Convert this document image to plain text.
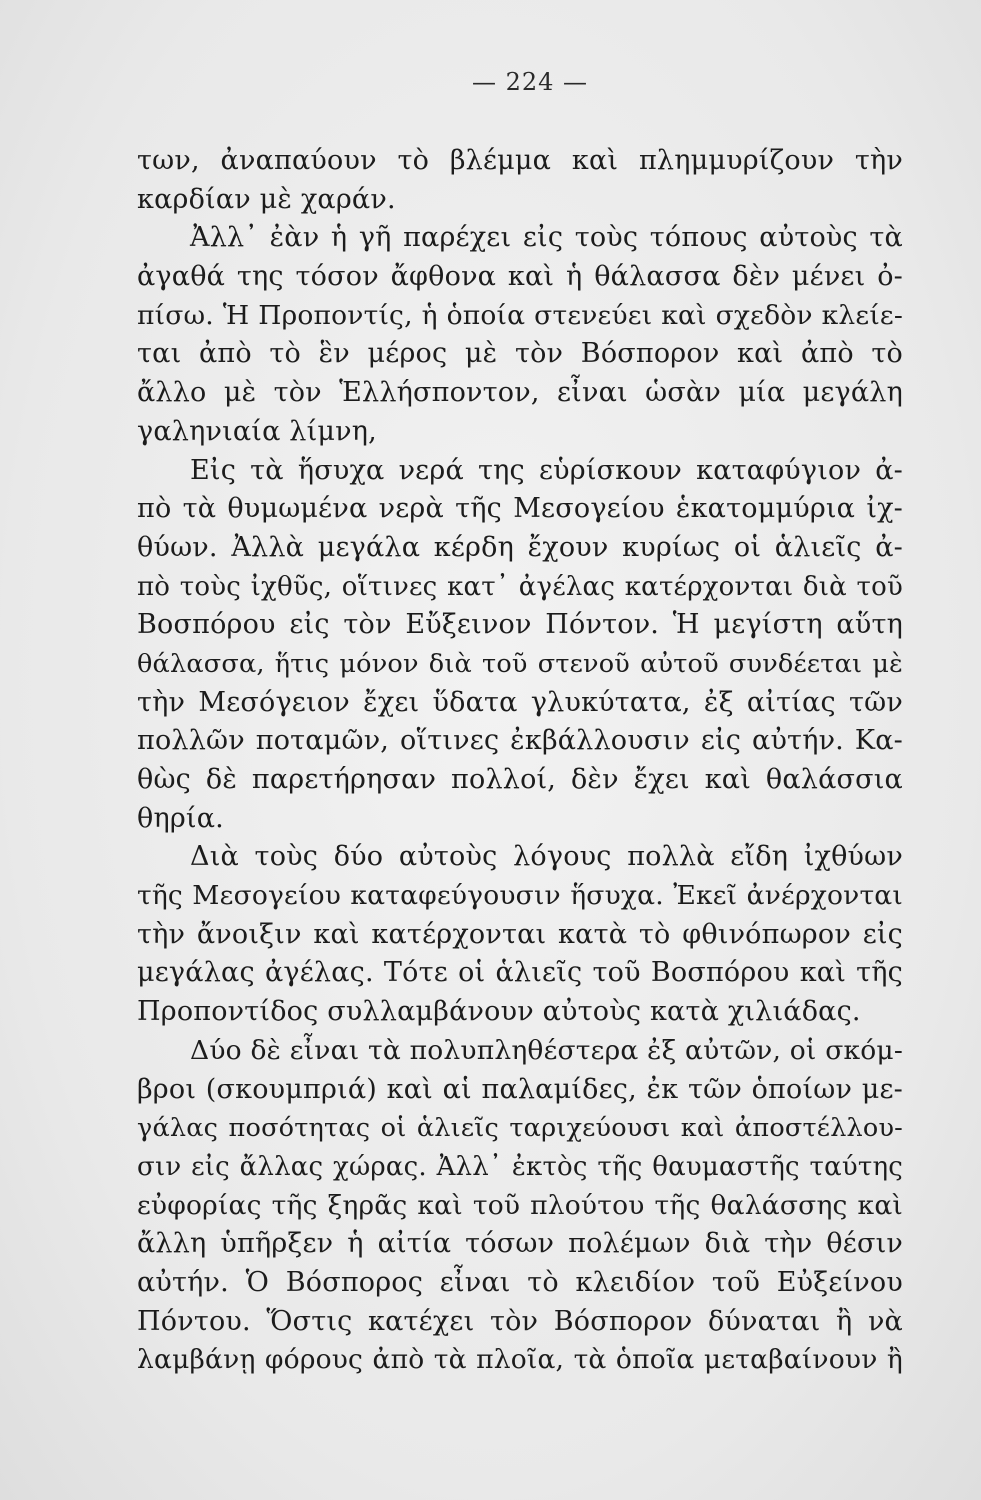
— 224 —
των, ἀναπαύουν τὸ βλέμμα καὶ πλημμυρίζουν τὴν
καρδίαν μὲ χαράν.
Ἀλλ᾽ ἐὰν ἡ γῆ παρέχει εἰς τοὺς τόπους αὐτοὺς τὰ
ἀγαθά της τόσον ἄφθονα καὶ ἡ θάλασσα δὲν μένει ὀ-
πίσω. Ἡ Προποντίς, ἡ ὁποία στενεύει καὶ σχεδὸν κλείε-
ται ἀπὸ τὸ ἓν μέρος μὲ τὸν Βόσπορον καὶ ἀπὸ τὸ
ἄλλο μὲ τὸν Ἑλλήσποντον, εἶναι ὡσὰν μία μεγάλη
γαληνιαία λίμνη,
Εἰς τὰ ἥσυχα νερά της εὑρίσκουν καταφύγιον ἀ-
πὸ τὰ θυμωμένα νερὰ τῆς Μεσογείου ἑκατομμύρια ἰχ-
θύων. Ἀλλὰ μεγάλα κέρδη ἔχουν κυρίως οἱ ἁλιεῖς ἀ-
πὸ τοὺς ἰχθῦς, οἵτινες κατ᾽ ἀγέλας κατέρχονται διὰ τοῦ
Βοσπόρου εἰς τὸν Εὔξεινον Πόντον. Ἡ μεγίστη αὕτη
θάλασσα, ἥτις μόνον διὰ τοῦ στενοῦ αὐτοῦ συνδέεται μὲ
τὴν Μεσόγειον ἔχει ὕδατα γλυκύτατα, ἐξ αἰτίας τῶν
πολλῶν ποταμῶν, οἵτινες ἐκβάλλουσιν εἰς αὐτήν. Κα-
θὼς δὲ παρετήρησαν πολλοί, δὲν ἔχει καὶ θαλάσσια
θηρία.
Διὰ τοὺς δύο αὐτοὺς λόγους πολλὰ εἴδη ἰχθύων
τῆς Μεσογείου καταφεύγουσιν ἥσυχα. Ἐκεῖ ἀνέρχονται
τὴν ἄνοιξιν καὶ κατέρχονται κατὰ τὸ φθινόπωρον εἰς
μεγάλας ἀγέλας. Τότε οἱ ἁλιεῖς τοῦ Βοσπόρου καὶ τῆς
Προποντίδος συλλαμβάνουν αὐτοὺς κατὰ χιλιάδας.
Δύο δὲ εἶναι τὰ πολυπληθέστερα ἐξ αὐτῶν, οἱ σκόμ-
βροι (σκουμπριά) καὶ αἱ παλαμίδες, ἐκ τῶν ὁποίων με-
γάλας ποσότητας οἱ ἁλιεῖς ταριχεύουσι καὶ ἀποστέλλου-
σιν εἰς ἄλλας χώρας. Ἀλλ᾽ ἐκτὸς τῆς θαυμαστῆς ταύτης
εὐφορίας τῆς ξηρᾶς καὶ τοῦ πλούτου τῆς θαλάσσης καὶ
ἄλλη ὑπῆρξεν ἡ αἰτία τόσων πολέμων διὰ τὴν θέσιν
αὐτήν. Ὁ Βόσπορος εἶναι τὸ κλειδίον τοῦ Εὐξείνου
Πόντου. Ὅστις κατέχει τὸν Βόσπορον δύναται ἢ νὰ
λαμβάνῃ φόρους ἀπὸ τὰ πλοῖα, τὰ ὁποῖα μεταβαίνουν ἢ
